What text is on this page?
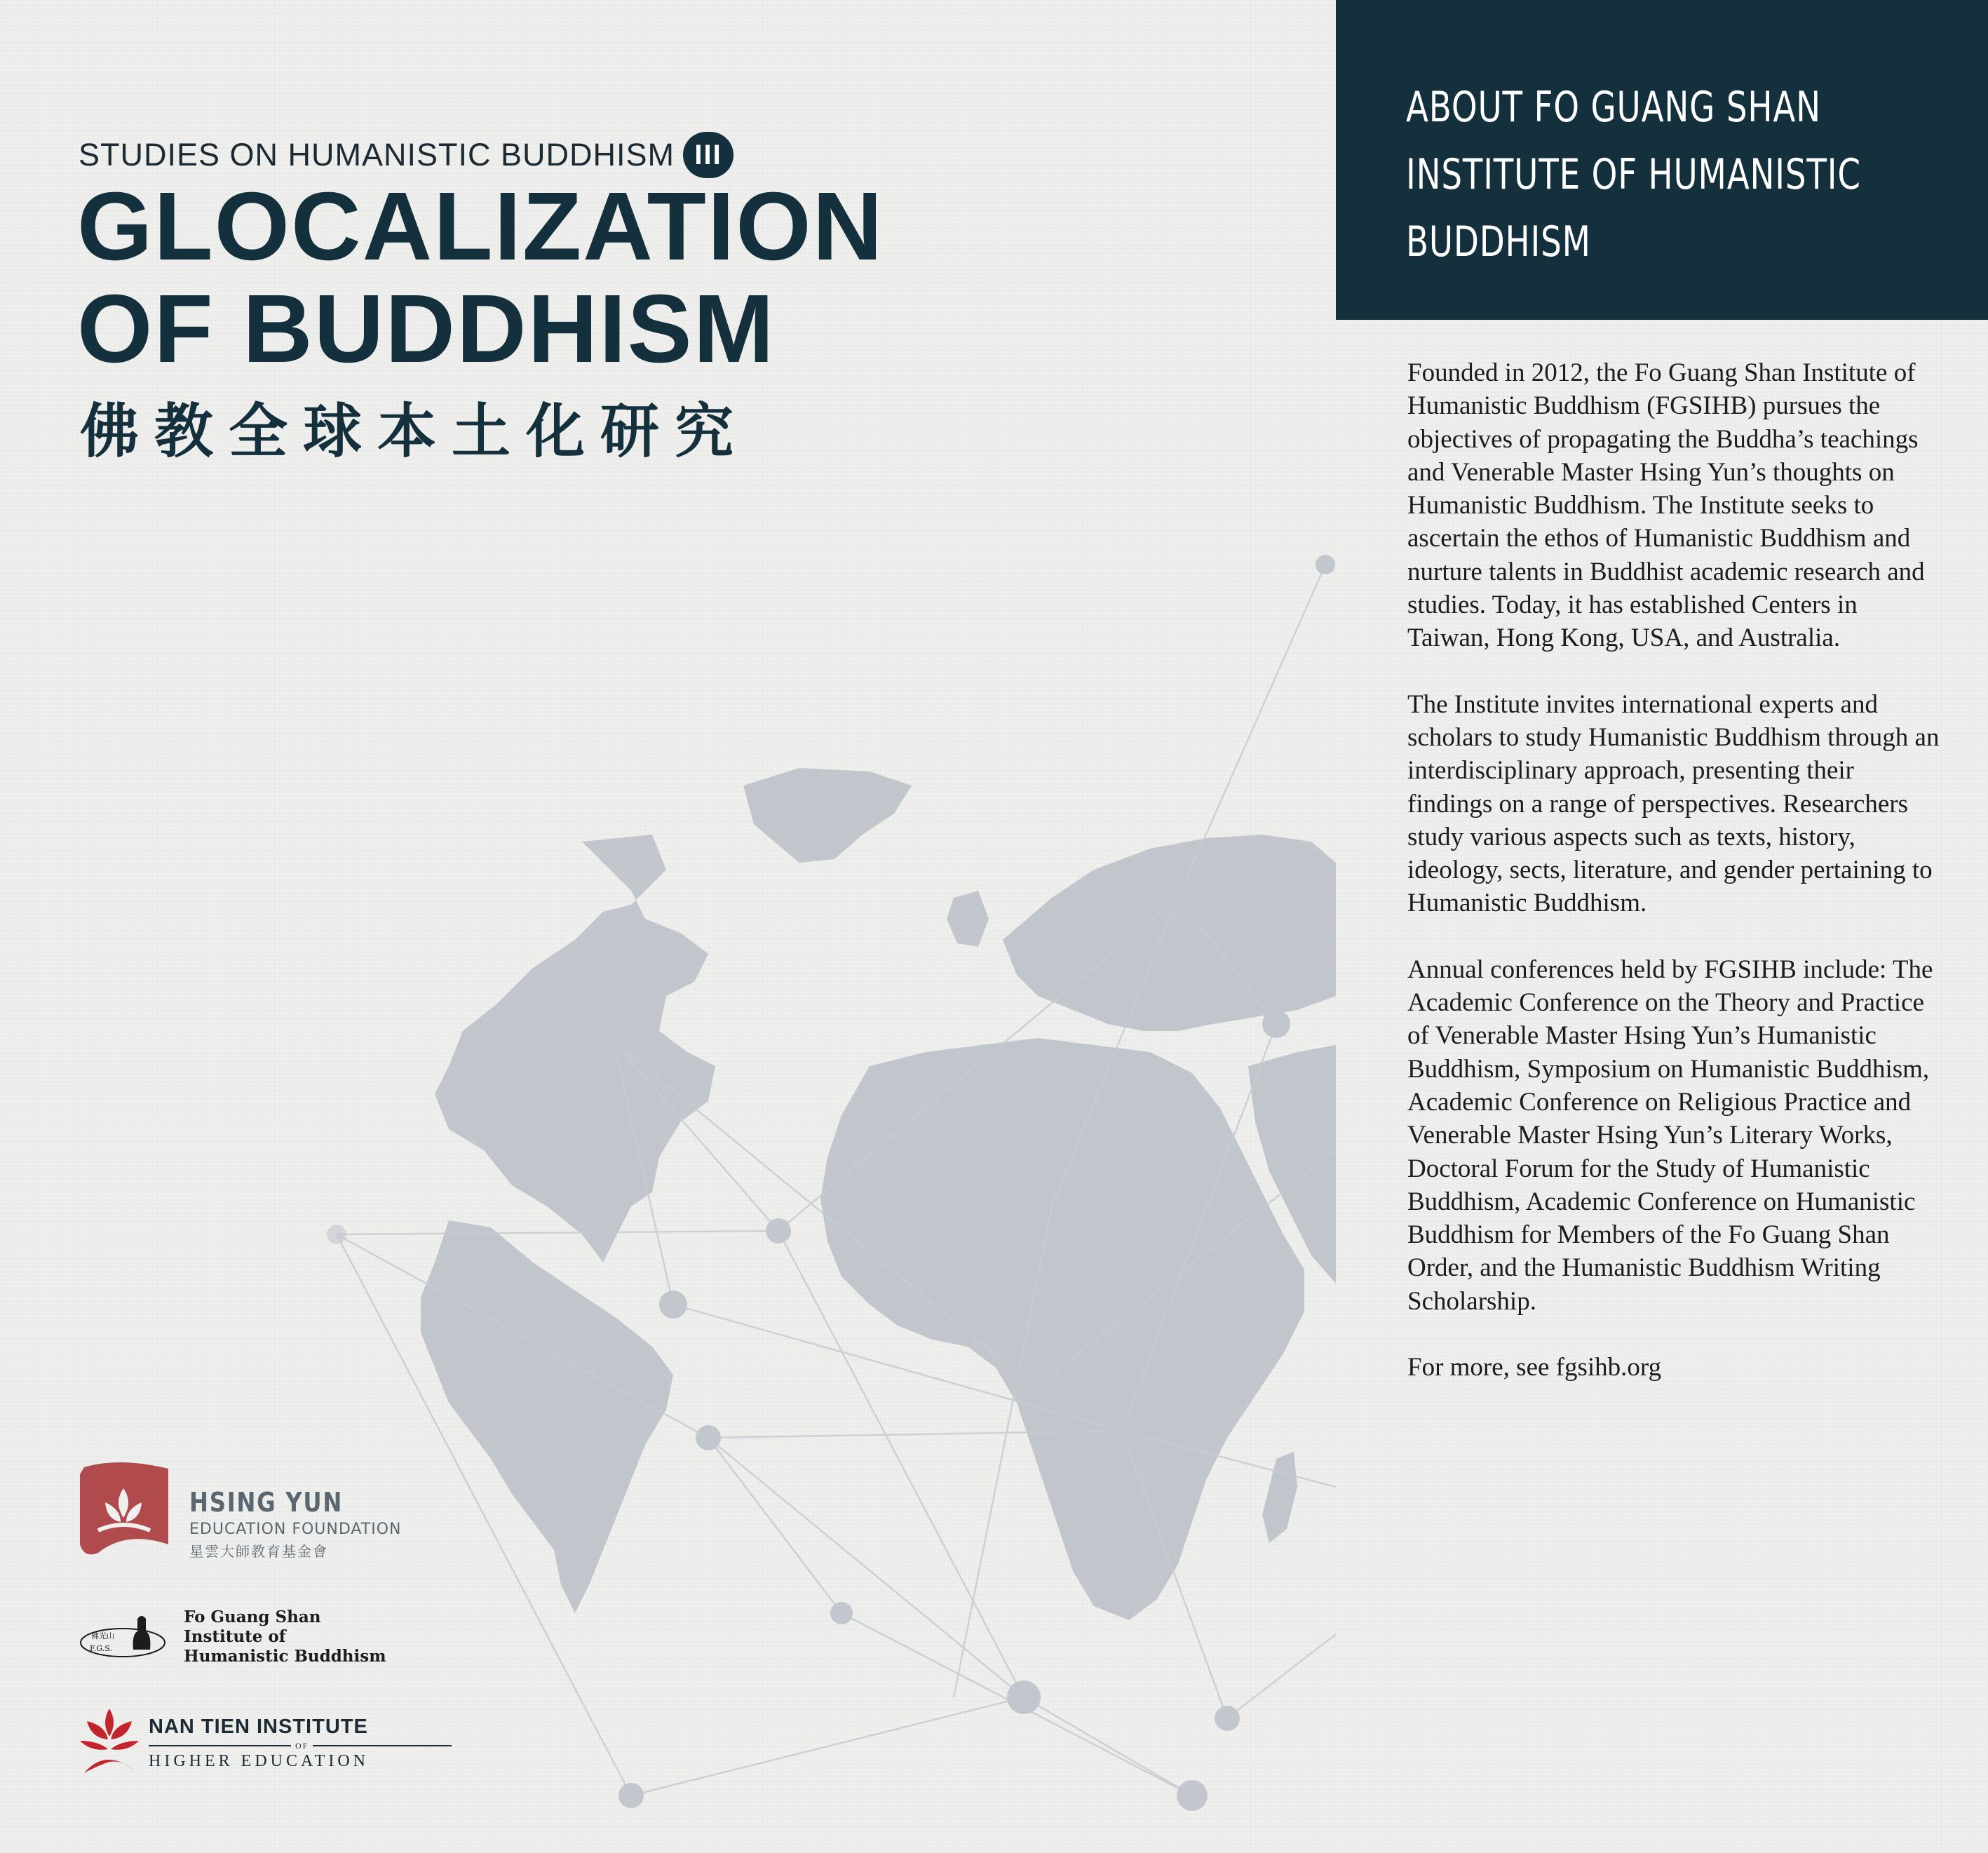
STUDIES ON HUMANISTIC BUDDHISM III
GLOCALIZATION
OF BUDDHISM
佛教全球本土化研究
ABOUT FO GUANG SHAN
INSTITUTE OF HUMANISTIC
BUDDHISM

Founded in 2012, the Fo Guang Shan Institute of Humanistic Buddhism (FGSIHB) pursues the objectives of propagating the Buddha’s teachings and Venerable Master Hsing Yun’s thoughts on Humanistic Buddhism. The Institute seeks to ascertain the ethos of Humanistic Buddhism and nurture talents in Buddhist academic research and studies. Today, it has established Centers in Taiwan, Hong Kong, USA, and Australia.

The Institute invites international experts and scholars to study Humanistic Buddhism through an interdisciplinary approach, presenting their findings on a range of perspectives. Researchers study various aspects such as texts, history, ideology, sects, literature, and gender pertaining to Humanistic Buddhism.

Annual conferences held by FGSIHB include: The Academic Conference on the Theory and Practice of Venerable Master Hsing Yun’s Humanistic Buddhism, Symposium on Humanistic Buddhism, Academic Conference on Religious Practice and Venerable Master Hsing Yun’s Literary Works, Doctoral Forum for the Study of Humanistic Buddhism, Academic Conference on Humanistic Buddhism for Members of the Fo Guang Shan Order, and the Humanistic Buddhism Writing Scholarship.

For more, see fgsihb.org

HSING YUN
EDUCATION FOUNDATION
星雲大師教育基金會
佛光山
F.G.S.
Fo Guang Shan
Institute of
Humanistic Buddhism
NAN TIEN INSTITUTE
OF
HIGHER EDUCATION
